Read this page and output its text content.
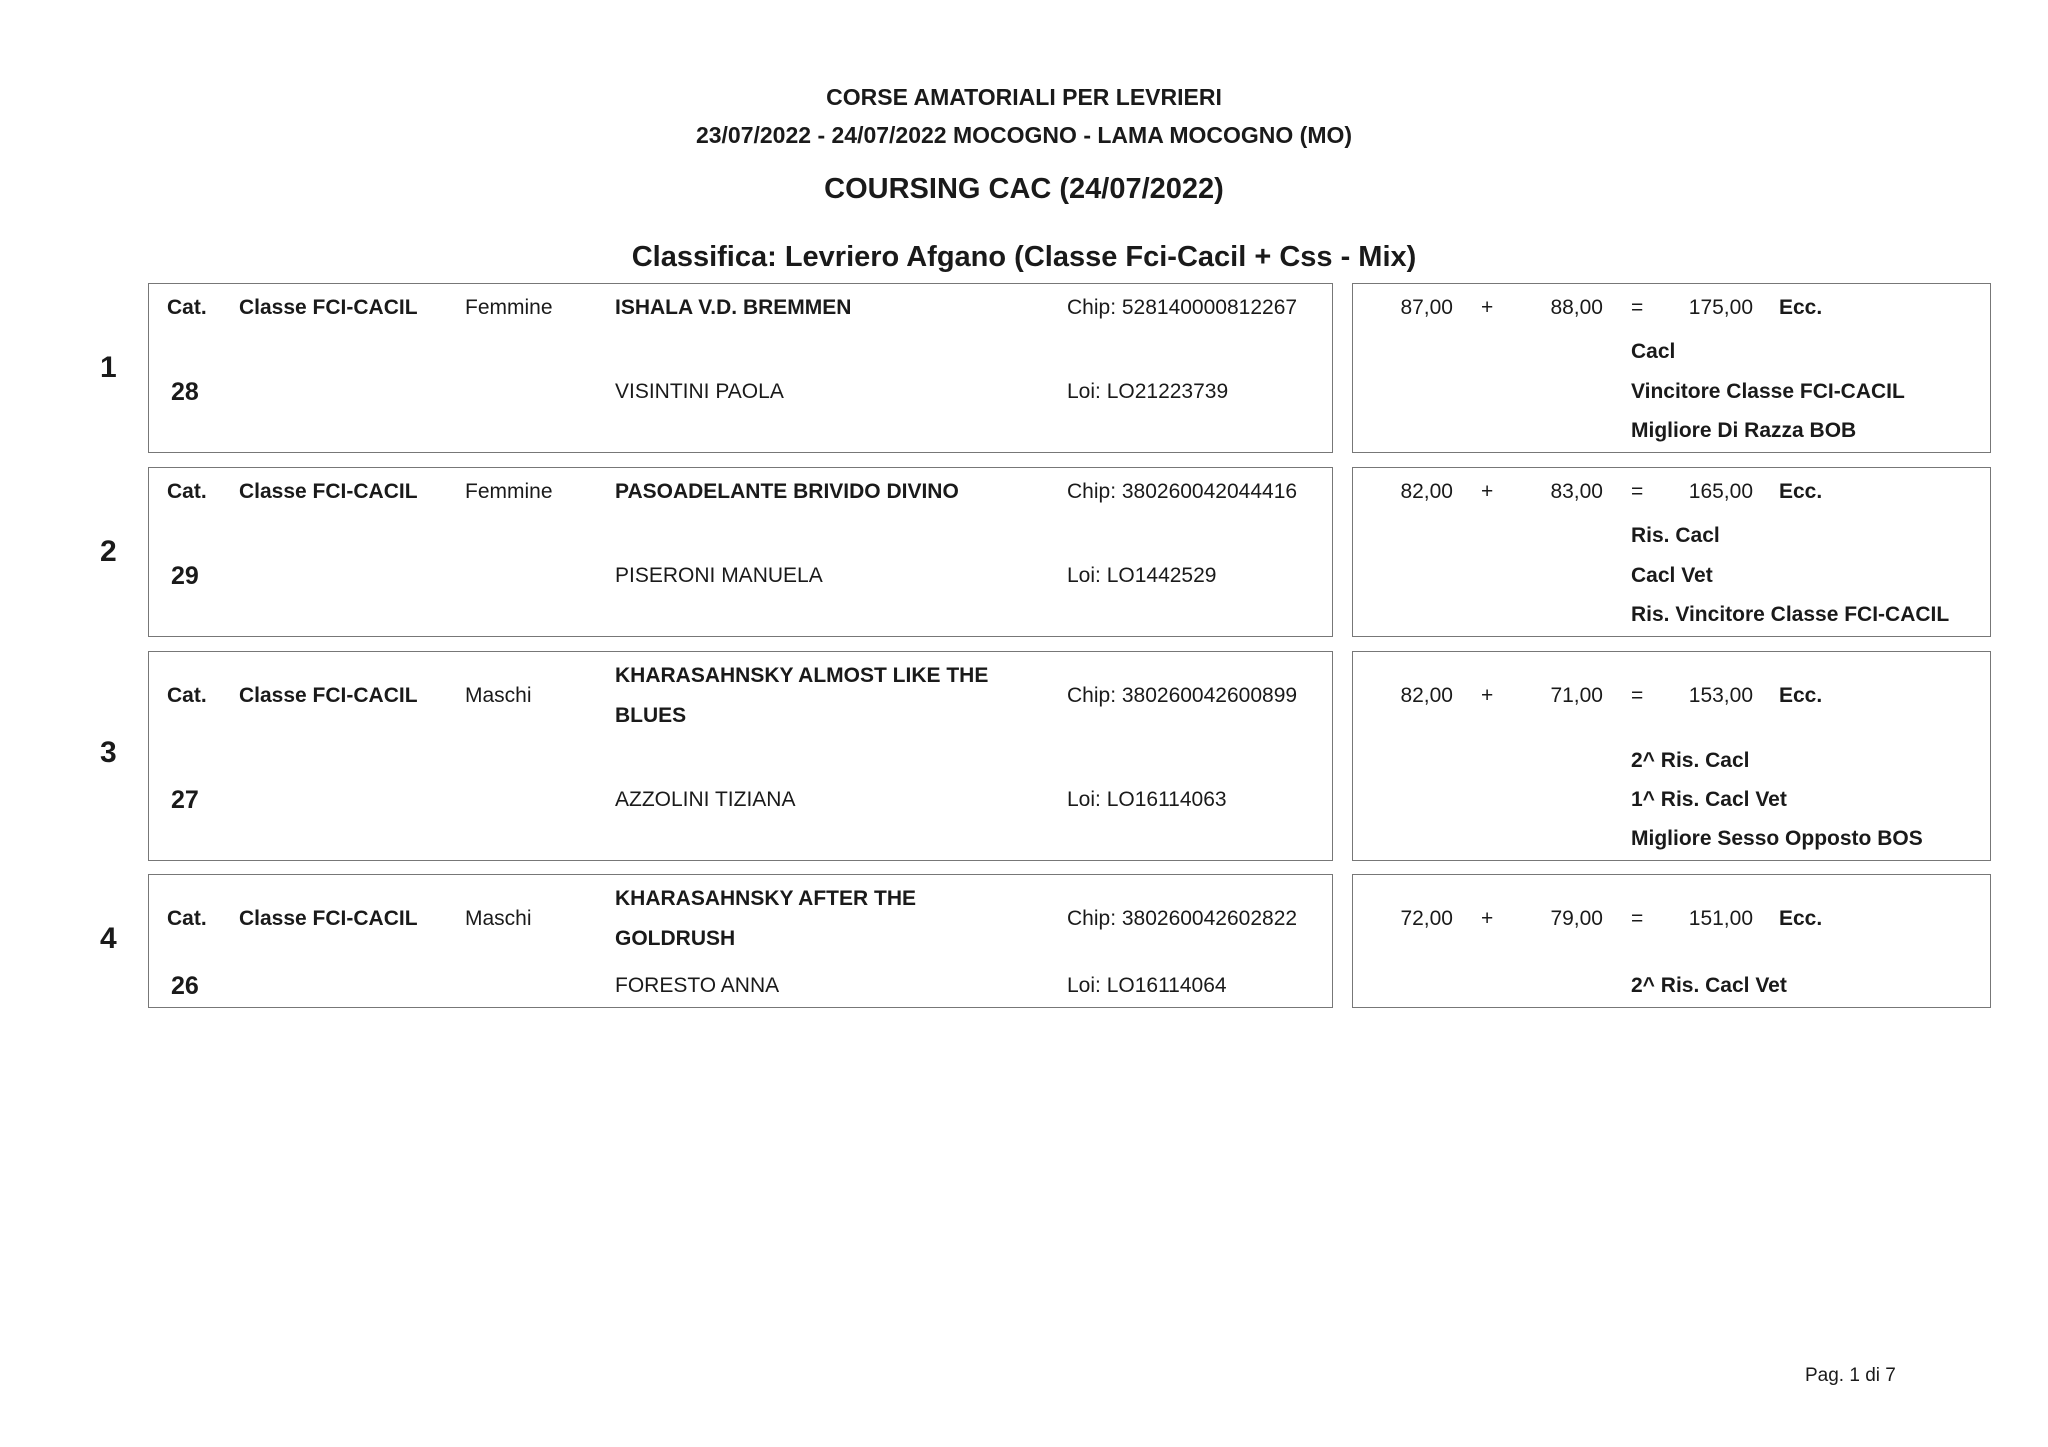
CORSE AMATORIALI PER LEVRIERI
23/07/2022 - 24/07/2022 MOCOGNO - LAMA MOCOGNO (MO)
COURSING CAC (24/07/2022)
Classifica: Levriero Afgano (Classe Fci-Cacil + Css - Mix)
1
Cat. Classe FCI-CACIL Femmine	ISHALA V.D. BREMMEN	Chip: 528140000812267
28	VISINTINI PAOLA	Loi: LO21223739
87,00 +	88,00 =	175,00 Ecc.
Cacl
Vincitore Classe FCI-CACIL
Migliore Di Razza BOB
2
Cat. Classe FCI-CACIL Femmine	PASOADELANTE BRIVIDO DIVINO	Chip: 380260042044416
29	PISERONI MANUELA	Loi: LO1442529
82,00 +	83,00 =	165,00 Ecc.
Ris. Cacl
Cacl Vet
Ris. Vincitore Classe FCI-CACIL
3
Cat. Classe FCI-CACIL Maschi
KHARASAHNSKY ALMOST LIKE THE BLUES
Chip: 380260042600899
27	AZZOLINI TIZIANA	Loi: LO16114063
82,00 +	71,00 =	153,00 Ecc.
2^ Ris. Cacl
1^ Ris. Cacl Vet
Migliore Sesso Opposto BOS
4
Cat. Classe FCI-CACIL Maschi
KHARASAHNSKY AFTER THE GOLDRUSH
Chip: 380260042602822
26	FORESTO ANNA	Loi: LO16114064
72,00 +	79,00 =	151,00 Ecc.
2^ Ris. Cacl Vet
Pag. 1 di 7
